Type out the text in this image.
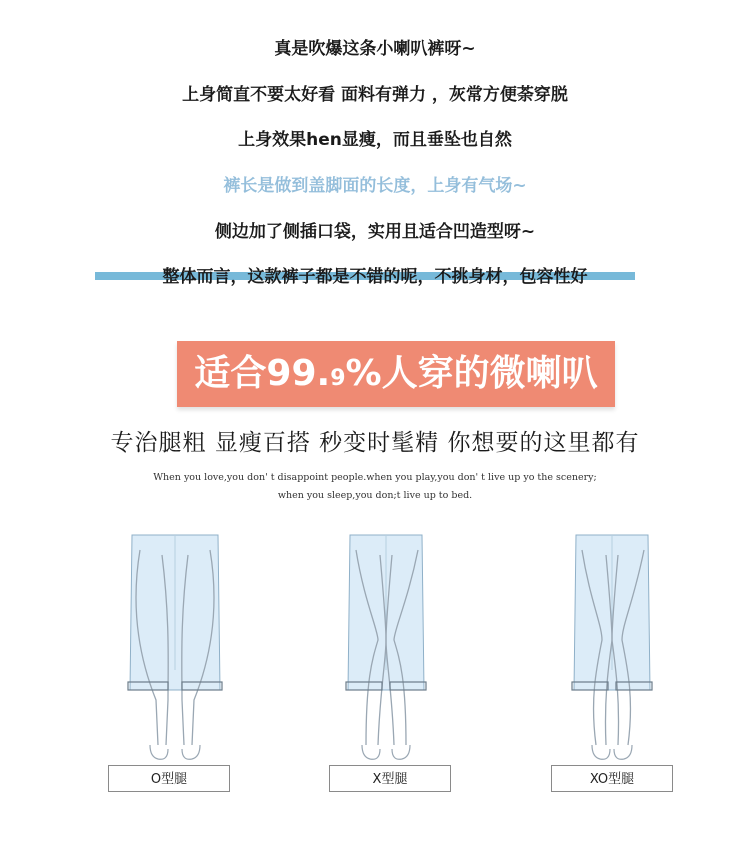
真是吹爆这条小喇叭裤呀~
上身简直不要太好看 面料有弹力 ，灰常方便荼穿脱
上身效果hen显瘦，而且垂坠也自然
裤长是做到盖脚面的长度，上身有气场~
侧边加了侧插口袋，实用且适合凹造型呀~
整体而言，这款裤子都是不错的呢，不挑身材，包容性好
适合99.9%人穿的微喇叭
专治腿粗 显瘦百搭 秒变时髦精 你想要的这里都有
When you love,you don' t disappoint people.when you play,you don' t live up yo the scenery;
when you sleep,you don;t live up to bed.
O型腿	X型腿	XO型腿
